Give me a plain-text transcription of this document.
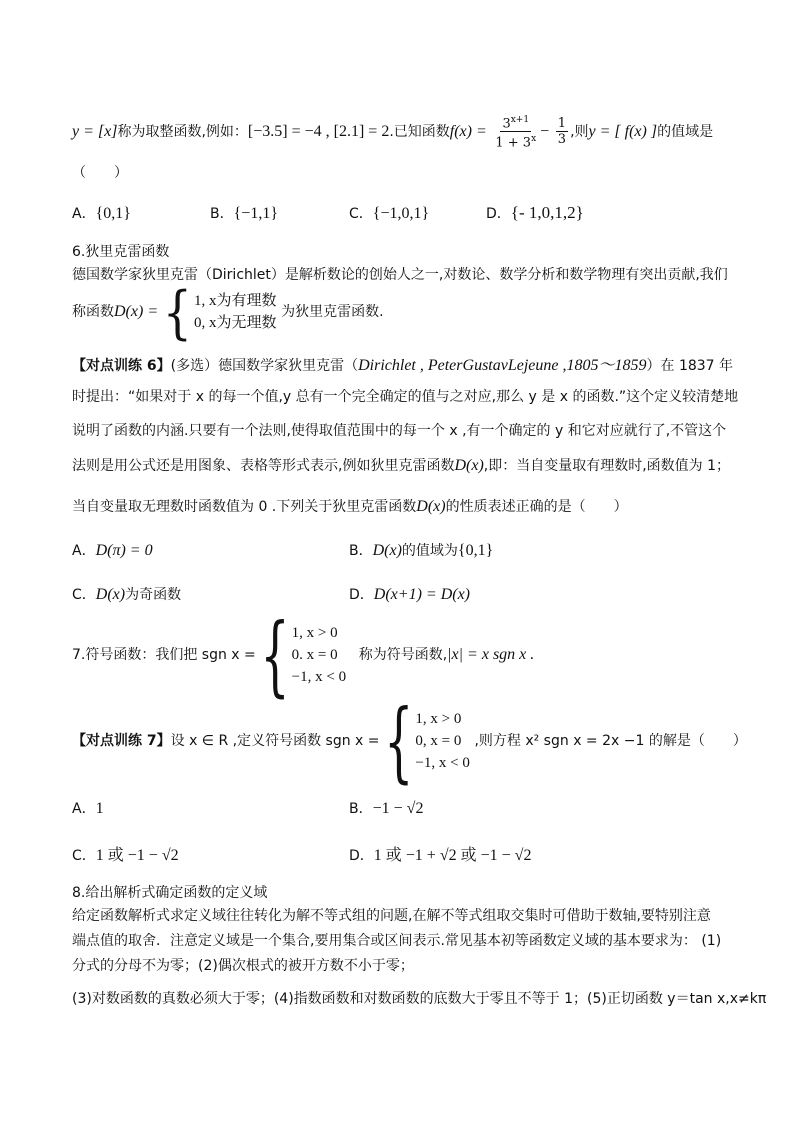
y = [x]称为取整函数,例如：[−3.5] = −4 , [2.1] = 2.已知函数$f(x) = \frac{3^{x+1}}{1 + 3^x} - \frac{1}{3}$ ,则y = [ f(x) ]的值域是
（　　）
A．{0,1}	B．{−1,1}	C．{−1,0,1}	D．{- 1,0,1,2}
6.狄里克雷函数
德国数学家狄里克雷（Dirichlet）是解析数论的创始人之一,对数论、数学分析和数学物理有突出贡献,我们
称函数D(x) = { 1, x为有理数
0, x为无理数
为狄里克雷函数.
【对点训练 6】(多选）德国数学家狄里克雷（Dirichlet , PeterGustavLejeune ,1805～1859）在 1837 年
时提出：“如果对于 x 的每一个值,y 总有一个完全确定的值与之对应,那么 y 是 x 的函数.”这个定义较清楚地
说明了函数的内涵.只要有一个法则,使得取值范围中的每一个 x ,有一个确定的 y 和它对应就行了,不管这个
法则是用公式还是用图象、表格等形式表示,例如狄里克雷函数D(x),即：当自变量取有理数时,函数值为 1；
当自变量取无理数时函数值为 0 .下列关于狄里克雷函数D(x)的性质表述正确的是（　　）
A．D(π) = 0	B．D(x)的值域为{0,1}
C．D(x)为奇函数	D．D(x+1) = D(x)
7.符号函数：我们把 sgn x = { 1, x > 0
0. x = 0
−1, x < 0
称为符号函数,|x| = x sgn x .
【对点训练 7】设 x ∈ R ,定义符号函数 sgn x = { 1, x > 0
0, x = 0
−1, x < 0
,则方程 x² sgn x = 2x −1 的解是（　　）
A．1	B．−1 − √2
C．1 或 −1 − √2	D．1 或 −1 + √2 或 −1 − √2
8.给出解析式确定函数的定义域
给定函数解析式求定义域往往转化为解不等式组的问题,在解不等式组取交集时可借助于数轴,要特别注意
端点值的取舍．注意定义域是一个集合,要用集合或区间表示.常见基本初等函数定义域的基本要求为： (1)
分式的分母不为零；(2)偶次根式的被开方数不小于零；
(3)对数函数的真数必须大于零；(4)指数函数和对数函数的底数大于零且不等于 1；(5)正切函数 y＝tan x,x≠kπ
